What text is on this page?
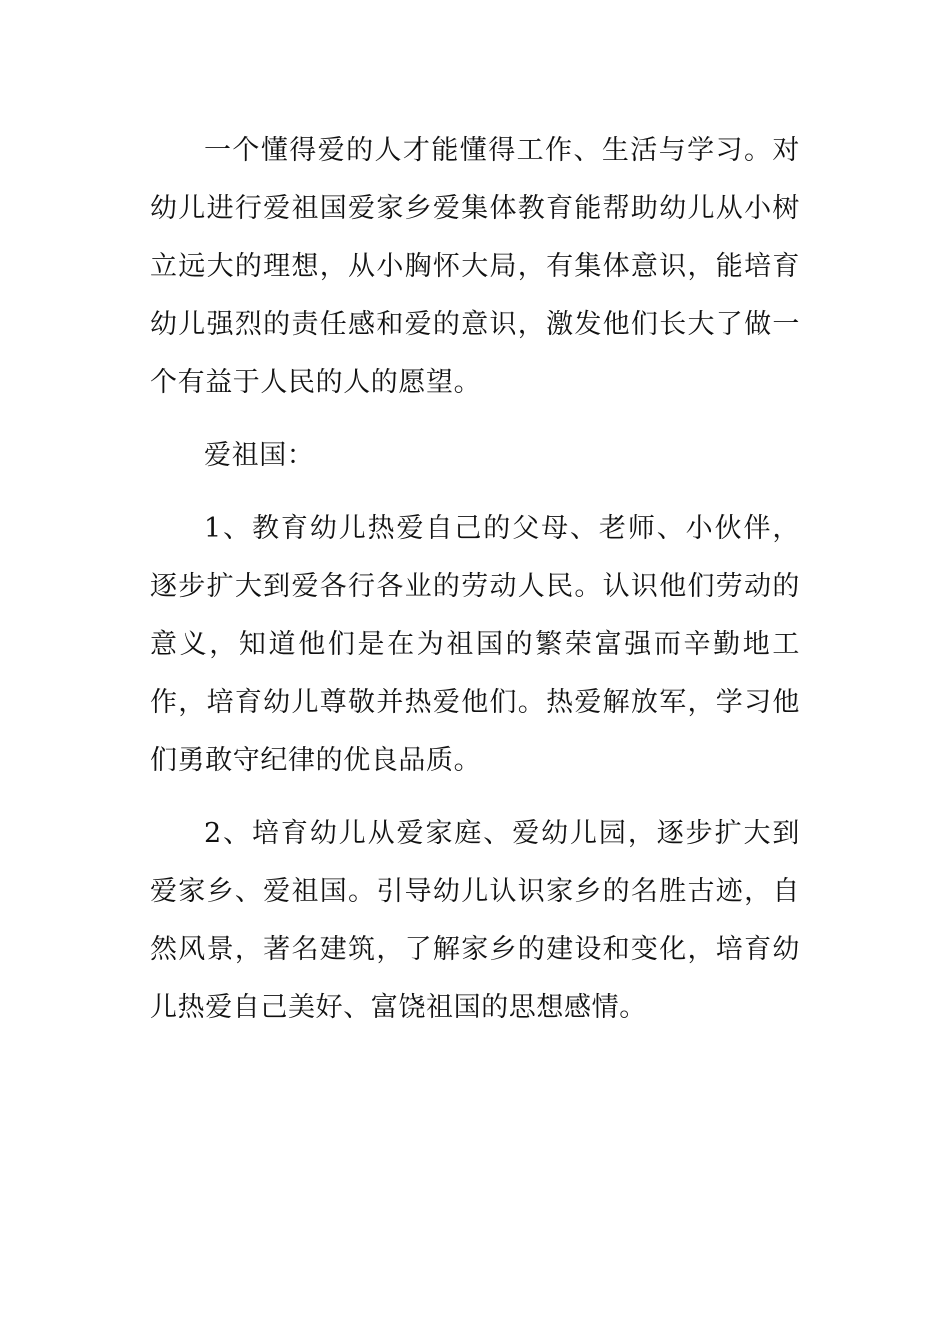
一个懂得爱的人才能懂得工作、生活与学习。对幼儿进行爱祖国爱家乡爱集体教育能帮助幼儿从小树立远大的理想，从小胸怀大局，有集体意识，能培育幼儿强烈的责任感和爱的意识，激发他们长大了做一个有益于人民的人的愿望。

爱祖国：

1、教育幼儿热爱自己的父母、老师、小伙伴，逐步扩大到爱各行各业的劳动人民。认识他们劳动的意义，知道他们是在为祖国的繁荣富强而辛勤地工作，培育幼儿尊敬并热爱他们。热爱解放军，学习他们勇敢守纪律的优良品质。

2、培育幼儿从爱家庭、爱幼儿园，逐步扩大到爱家乡、爱祖国。引导幼儿认识家乡的名胜古迹，自然风景，著名建筑，了解家乡的建设和变化，培育幼儿热爱自己美好、富饶祖国的思想感情。
